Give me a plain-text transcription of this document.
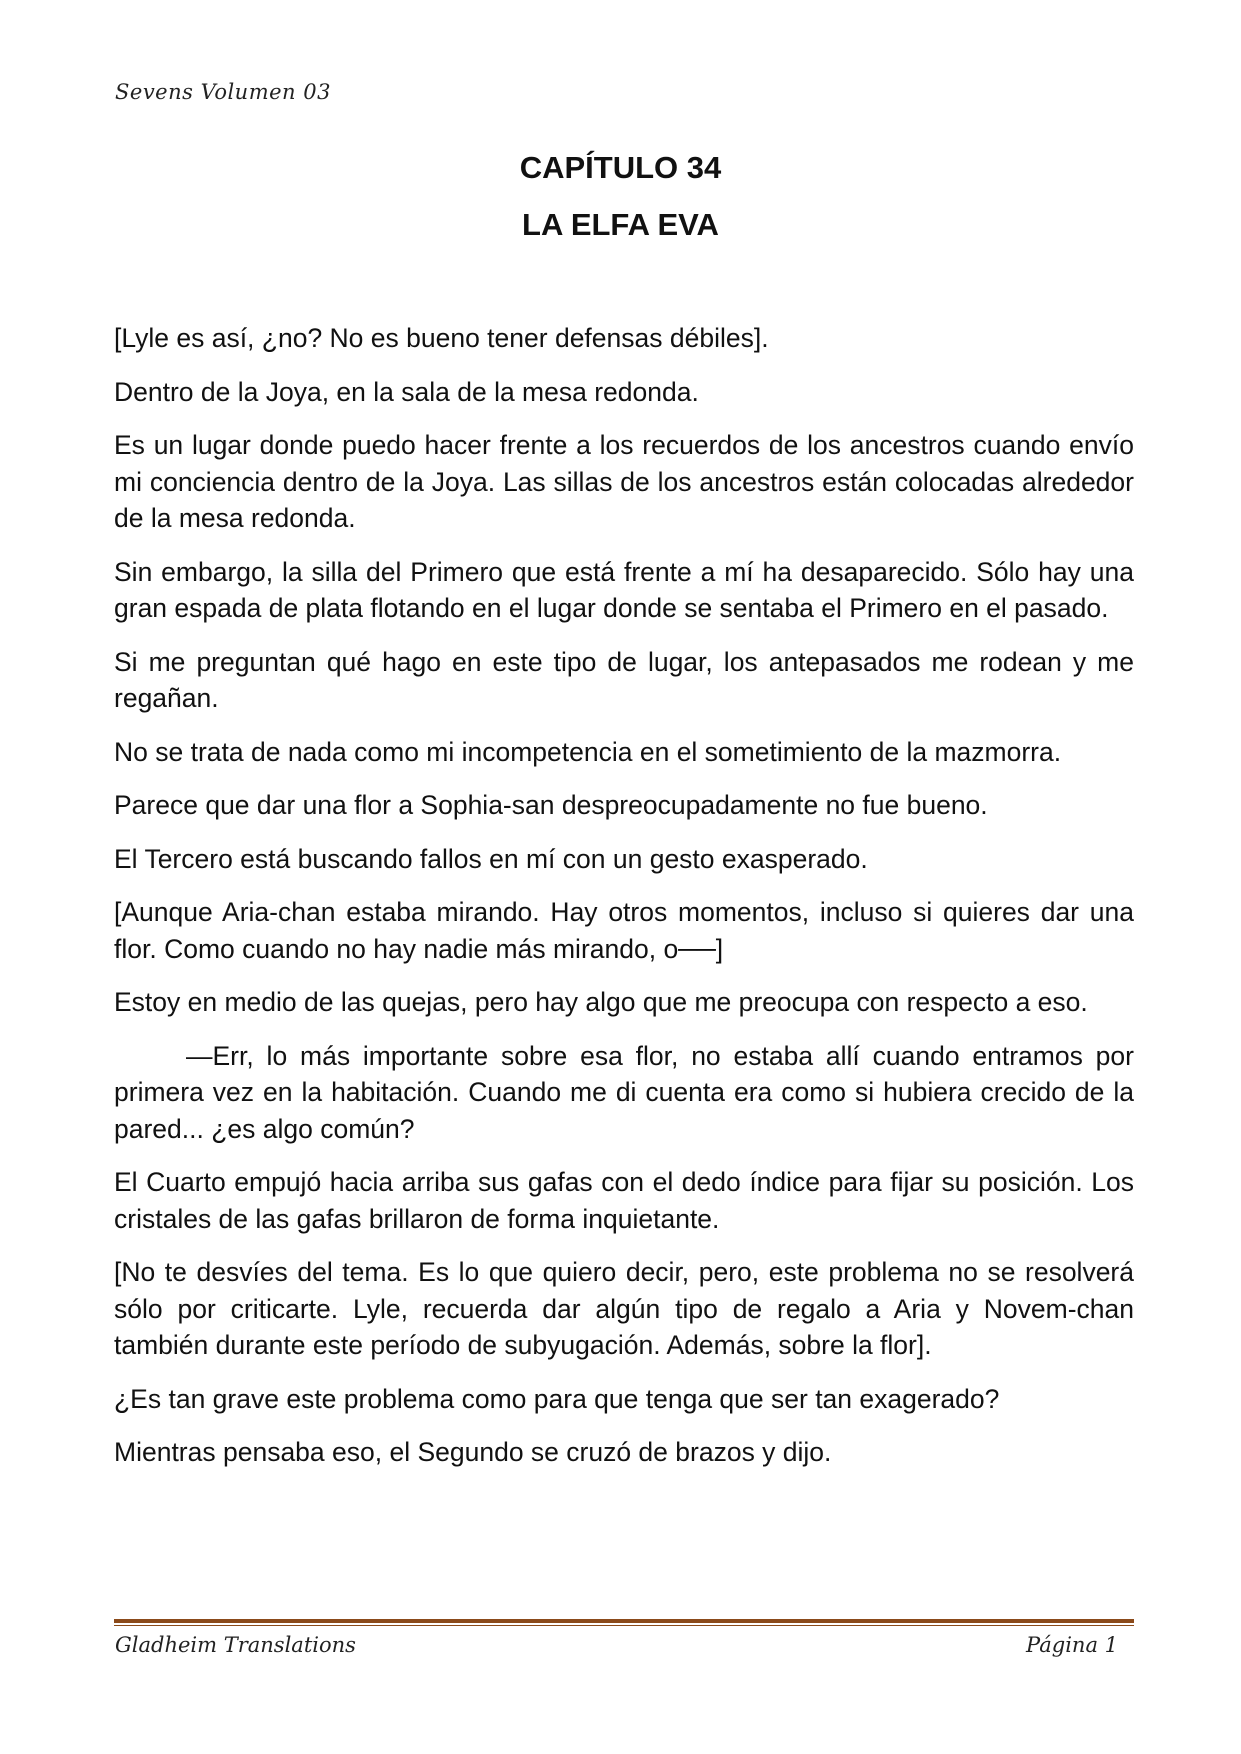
Sevens Volumen 03
CAPÍTULO 34
LA ELFA EVA

[Lyle es así, ¿no? No es bueno tener defensas débiles].

Dentro de la Joya, en la sala de la mesa redonda.

Es un lugar donde puedo hacer frente a los recuerdos de los ancestros cuando envío mi conciencia dentro de la Joya. Las sillas de los ancestros están colocadas alrededor de la mesa redonda.

Sin embargo, la silla del Primero que está frente a mí ha desaparecido. Sólo hay una gran espada de plata flotando en el lugar donde se sentaba el Primero en el pasado.

Si me preguntan qué hago en este tipo de lugar, los antepasados me rodean y me regañan.

No se trata de nada como mi incompetencia en el sometimiento de la mazmorra.

Parece que dar una flor a Sophia-san despreocupadamente no fue bueno.

El Tercero está buscando fallos en mí con un gesto exasperado.

[Aunque Aria-chan estaba mirando. Hay otros momentos, incluso si quieres dar una flor. Como cuando no hay nadie más mirando, o──]

Estoy en medio de las quejas, pero hay algo que me preocupa con respecto a eso.

—Err, lo más importante sobre esa flor, no estaba allí cuando entramos por primera vez en la habitación. Cuando me di cuenta era como si hubiera crecido de la pared... ¿es algo común?

El Cuarto empujó hacia arriba sus gafas con el dedo índice para fijar su posición. Los cristales de las gafas brillaron de forma inquietante.

[No te desvíes del tema. Es lo que quiero decir, pero, este problema no se resolverá sólo por criticarte. Lyle, recuerda dar algún tipo de regalo a Aria y Novem-chan también durante este período de subyugación. Además, sobre la flor].

¿Es tan grave este problema como para que tenga que ser tan exagerado?

Mientras pensaba eso, el Segundo se cruzó de brazos y dijo.

Gladheim Translations	Página 1
